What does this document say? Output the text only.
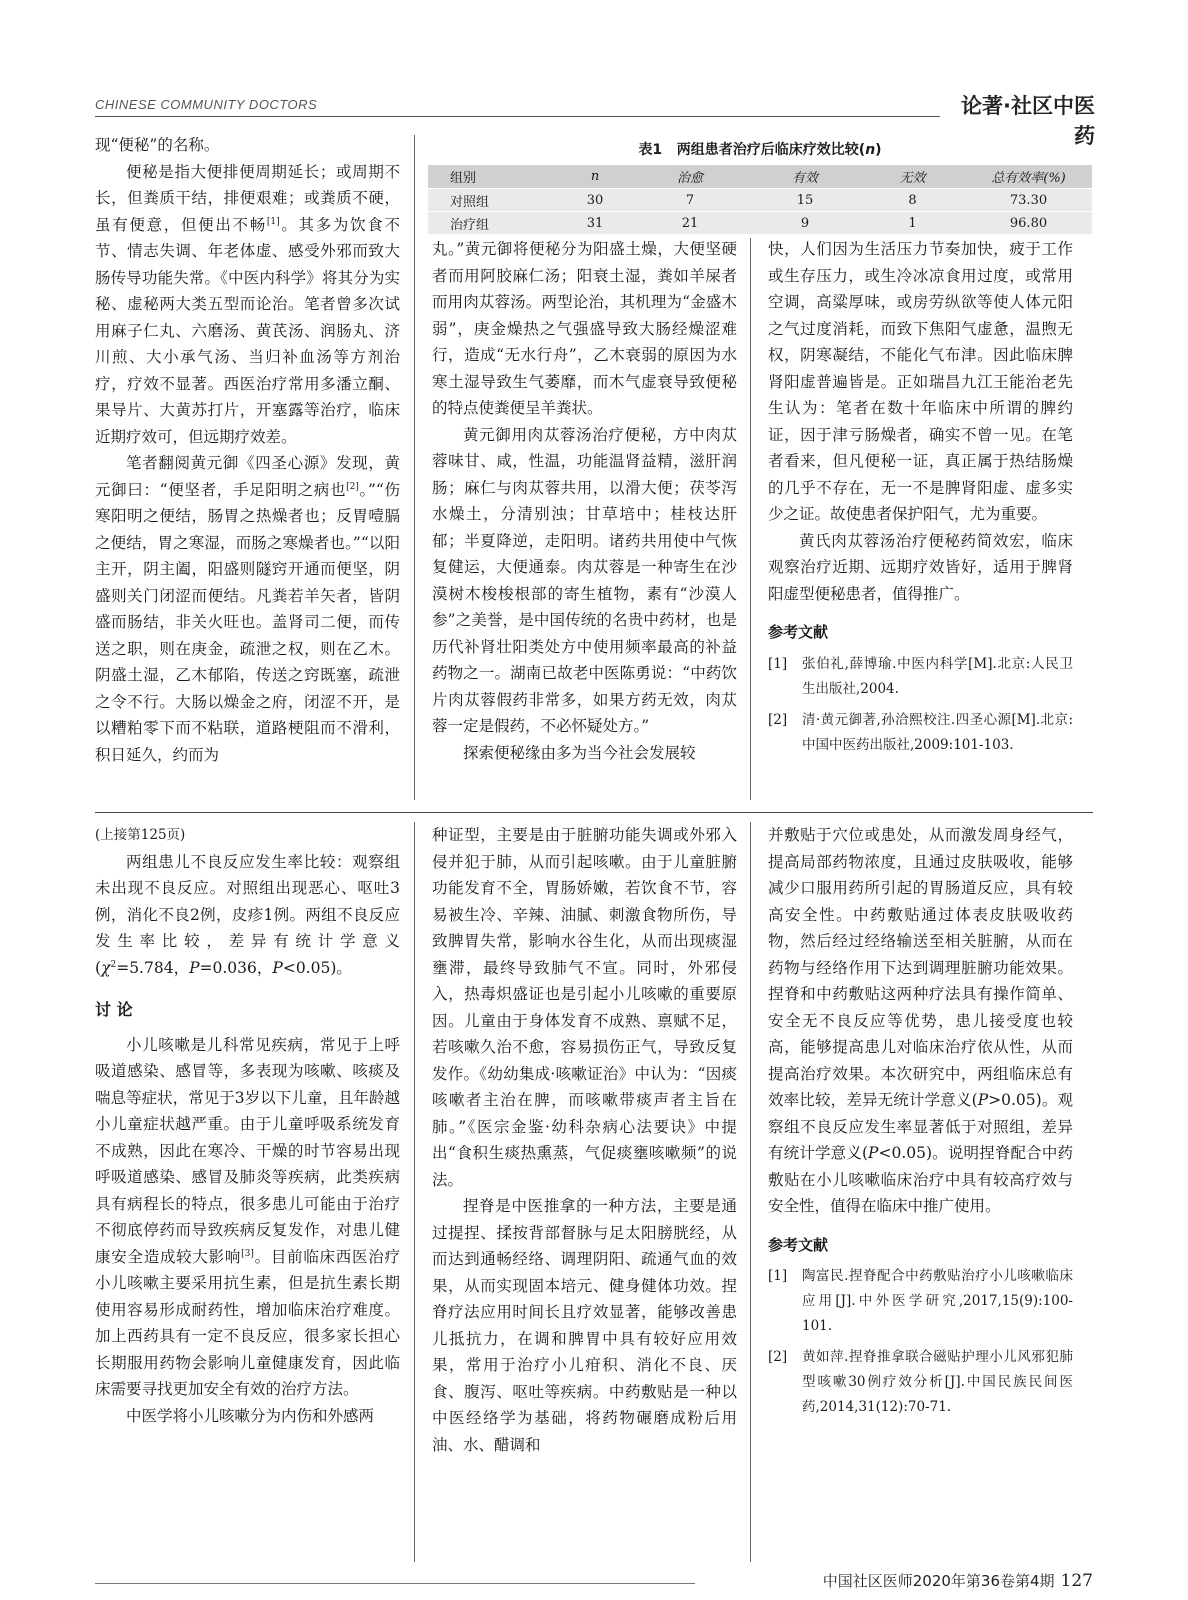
CHINESE COMMUNITY DOCTORS	论著·社区中医药

现“便秘”的名称。

便秘是指大便排便周期延长；或周期不长，但粪质干结，排便艰难；或粪质不硬，虽有便意，但便出不畅[1]。其多为饮食不节、情志失调、年老体虚、感受外邪而致大肠传导功能失常。《中医内科学》将其分为实秘、虚秘两大类五型而论治。笔者曾多次试用麻子仁丸、六磨汤、黄芪汤、润肠丸、济川煎、大小承气汤、当归补血汤等方剂治疗，疗效不显著。西医治疗常用多潘立酮、果导片、大黄苏打片，开塞露等治疗，临床近期疗效可，但远期疗效差。

笔者翻阅黄元御《四圣心源》发现，黄元御曰：“便坚者，手足阳明之病也[2]。”“伤寒阳明之便结，肠胃之热燥者也；反胃噎膈之便结，胃之寒湿，而肠之寒燥者也。”“以阳主开，阴主阖，阳盛则隧窍开通而便坚，阴盛则关门闭涩而便结。凡粪若羊矢者，皆阴盛而肠结，非关火旺也。盖肾司二便，而传送之职，则在庚金，疏泄之权，则在乙木。阴盛土湿，乙木郁陷，传送之窍既塞，疏泄之令不行。大肠以燥金之府，闭涩不开，是以糟粕零下而不粘联，道路梗阻而不滑利，积日延久，约而为

表1 两组患者治疗后临床疗效比较(n)
组别	n	治愈	有效	无效	总有效率(%)
对照组	30	7	15	8	73.30
治疗组	31	21	9	1	96.80

丸。”黄元御将便秘分为阳盛土燥，大便坚硬者而用阿胶麻仁汤；阳衰土湿，粪如羊屎者而用肉苁蓉汤。两型论治，其机理为“金盛木弱”，庚金燥热之气强盛导致大肠经燥涩难行，造成“无水行舟”，乙木衰弱的原因为水寒土湿导致生气萎靡，而木气虚衰导致便秘的特点使粪便呈羊粪状。

黄元御用肉苁蓉汤治疗便秘，方中肉苁蓉味甘、咸，性温，功能温肾益精，滋肝润肠；麻仁与肉苁蓉共用，以滑大便；茯苓泻水燥土，分清别浊；甘草培中；桂枝达肝郁；半夏降逆，走阳明。诸药共用使中气恢复健运，大便通泰。肉苁蓉是一种寄生在沙漠树木梭梭根部的寄生植物，素有“沙漠人参”之美誉，是中国传统的名贵中药材，也是历代补肾壮阳类处方中使用频率最高的补益药物之一。湖南已故老中医陈勇说：“中药饮片肉苁蓉假药非常多，如果方药无效，肉苁蓉一定是假药，不必怀疑处方。”

探索便秘缘由多为当今社会发展较

快，人们因为生活压力节奏加快，疲于工作或生存压力，或生冷冰凉食用过度，或常用空调，高粱厚味，或房劳纵欲等使人体元阳之气过度消耗，而致下焦阳气虚惫，温煦无权，阴寒凝结，不能化气布津。因此临床脾肾阳虚普遍皆是。正如瑞昌九江王能治老先生认为：笔者在数十年临床中所谓的脾约证，因于津亏肠燥者，确实不曾一见。在笔者看来，但凡便秘一证，真正属于热结肠燥的几乎不存在，无一不是脾肾阳虚、虚多实少之证。故使患者保护阳气，尤为重要。

黄氏肉苁蓉汤治疗便秘药简效宏，临床观察治疗近期、远期疗效皆好，适用于脾肾阳虚型便秘患者，值得推广。

参考文献
[1] 张伯礼,薛博瑜.中医内科学[M].北京:人民卫生出版社,2004.
[2] 清·黄元御著,孙洽熙校注.四圣心源[M].北京:中国中医药出版社,2009:101-103.

(上接第125页)

两组患儿不良反应发生率比较：观察组未出现不良反应。对照组出现恶心、呕吐3例，消化不良2例，皮疹1例。两组不良反应发生率比较，差异有统计学意义($\chi^2=5.784$，P=0.036，P<0.05)。

讨 论

小儿咳嗽是儿科常见疾病，常见于上呼吸道感染、感冒等，多表现为咳嗽、咳痰及喘息等症状，常见于3岁以下儿童，且年龄越小儿童症状越严重。由于儿童呼吸系统发育不成熟，因此在寒冷、干燥的时节容易出现呼吸道感染、感冒及肺炎等疾病，此类疾病具有病程长的特点，很多患儿可能由于治疗不彻底停药而导致疾病反复发作，对患儿健康安全造成较大影响[3]。目前临床西医治疗小儿咳嗽主要采用抗生素，但是抗生素长期使用容易形成耐药性，增加临床治疗难度。加上西药具有一定不良反应，很多家长担心长期服用药物会影响儿童健康发育，因此临床需要寻找更加安全有效的治疗方法。

中医学将小儿咳嗽分为内伤和外感两

种证型，主要是由于脏腑功能失调或外邪入侵并犯于肺，从而引起咳嗽。由于儿童脏腑功能发育不全，胃肠娇嫩，若饮食不节，容易被生冷、辛辣、油腻、刺激食物所伤，导致脾胃失常，影响水谷生化，从而出现痰湿壅滞，最终导致肺气不宣。同时，外邪侵入，热毒炽盛证也是引起小儿咳嗽的重要原因。儿童由于身体发育不成熟、禀赋不足，若咳嗽久治不愈，容易损伤正气，导致反复发作。《幼幼集成·咳嗽证治》中认为：“因痰咳嗽者主治在脾，而咳嗽带痰声者主旨在肺。”《医宗金鉴·幼科杂病心法要诀》中提出“食积生痰热熏蒸，气促痰壅咳嗽频”的说法。

捏脊是中医推拿的一种方法，主要是通过提捏、揉按背部督脉与足太阳膀胱经，从而达到通畅经络、调理阴阳、疏通气血的效果，从而实现固本培元、健身健体功效。捏脊疗法应用时间长且疗效显著，能够改善患儿抵抗力，在调和脾胃中具有较好应用效果，常用于治疗小儿疳积、消化不良、厌食、腹泻、呕吐等疾病。中药敷贴是一种以中医经络学为基础，将药物碾磨成粉后用油、水、醋调和

并敷贴于穴位或患处，从而激发周身经气，提高局部药物浓度，且通过皮肤吸收，能够减少口服用药所引起的胃肠道反应，具有较高安全性。中药敷贴通过体表皮肤吸收药物，然后经过经络输送至相关脏腑，从而在药物与经络作用下达到调理脏腑功能效果。捏脊和中药敷贴这两种疗法具有操作简单、安全无不良反应等优势，患儿接受度也较高，能够提高患儿对临床治疗依从性，从而提高治疗效果。本次研究中，两组临床总有效率比较，差异无统计学意义(P>0.05)。观察组不良反应发生率显著低于对照组，差异有统计学意义(P<0.05)。说明捏脊配合中药敷贴在小儿咳嗽临床治疗中具有较高疗效与安全性，值得在临床中推广使用。

参考文献
[1] 陶富民.捏脊配合中药敷贴治疗小儿咳嗽临床应用[J].中外医学研究,2017,15(9):100-101.
[2] 黄如萍.捏脊推拿联合磁贴护理小儿风邪犯肺型咳嗽30例疗效分析[J].中国民族民间医药,2014,31(12):70-71.
中国社区医师2020年第36卷第4期 127
